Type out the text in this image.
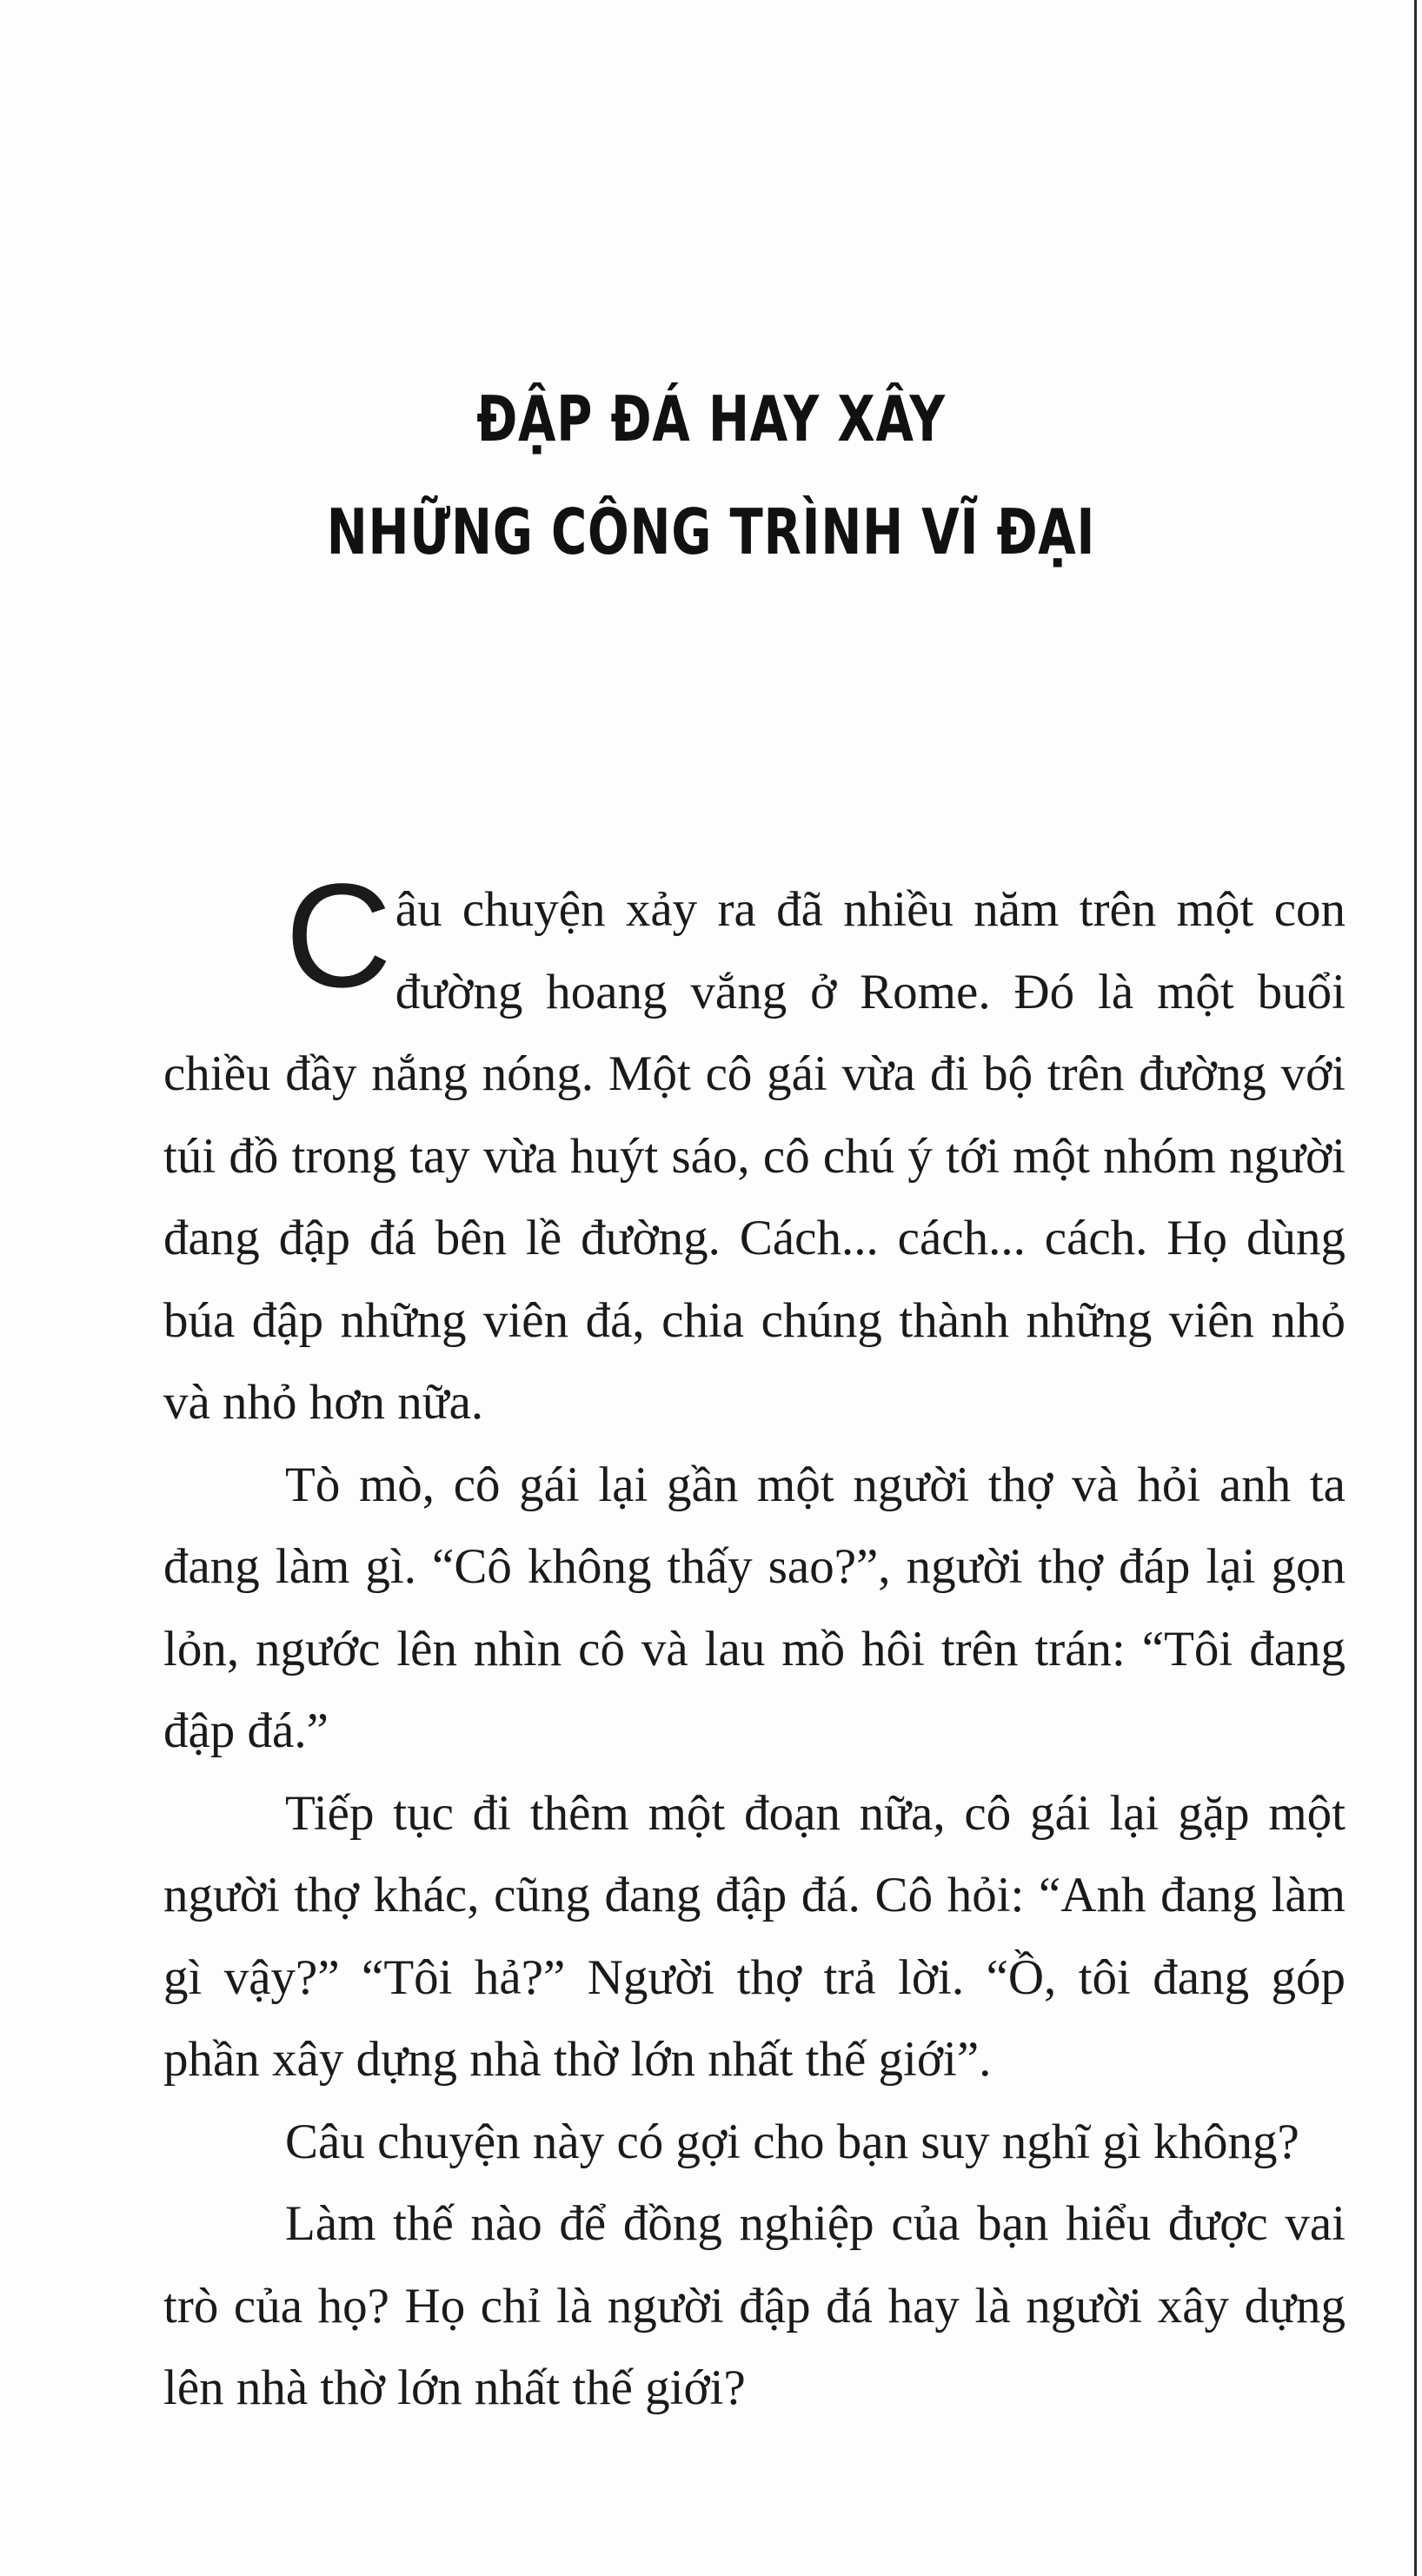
ĐẬP ĐÁ HAY XÂY
NHỮNG CÔNG TRÌNH VĨ ĐẠI

Câu chuyện xảy ra đã nhiều năm trên một con đường hoang vắng ở Rome. Đó là một buổi chiều đầy nắng nóng. Một cô gái vừa đi bộ trên đường với túi đồ trong tay vừa huýt sáo, cô chú ý tới một nhóm người đang đập đá bên lề đường. Cách... cách... cách. Họ dùng búa đập những viên đá, chia chúng thành những viên nhỏ và nhỏ hơn nữa.

Tò mò, cô gái lại gần một người thợ và hỏi anh ta đang làm gì. “Cô không thấy sao?”, người thợ đáp lại gọn lỏn, ngước lên nhìn cô và lau mồ hôi trên trán: “Tôi đang đập đá.”

Tiếp tục đi thêm một đoạn nữa, cô gái lại gặp một người thợ khác, cũng đang đập đá. Cô hỏi: “Anh đang làm gì vậy?” “Tôi hả?” Người thợ trả lời. “Ồ, tôi đang góp phần xây dựng nhà thờ lớn nhất thế giới”.

Câu chuyện này có gợi cho bạn suy nghĩ gì không?

Làm thế nào để đồng nghiệp của bạn hiểu được vai trò của họ? Họ chỉ là người đập đá hay là người xây dựng lên nhà thờ lớn nhất thế giới?
